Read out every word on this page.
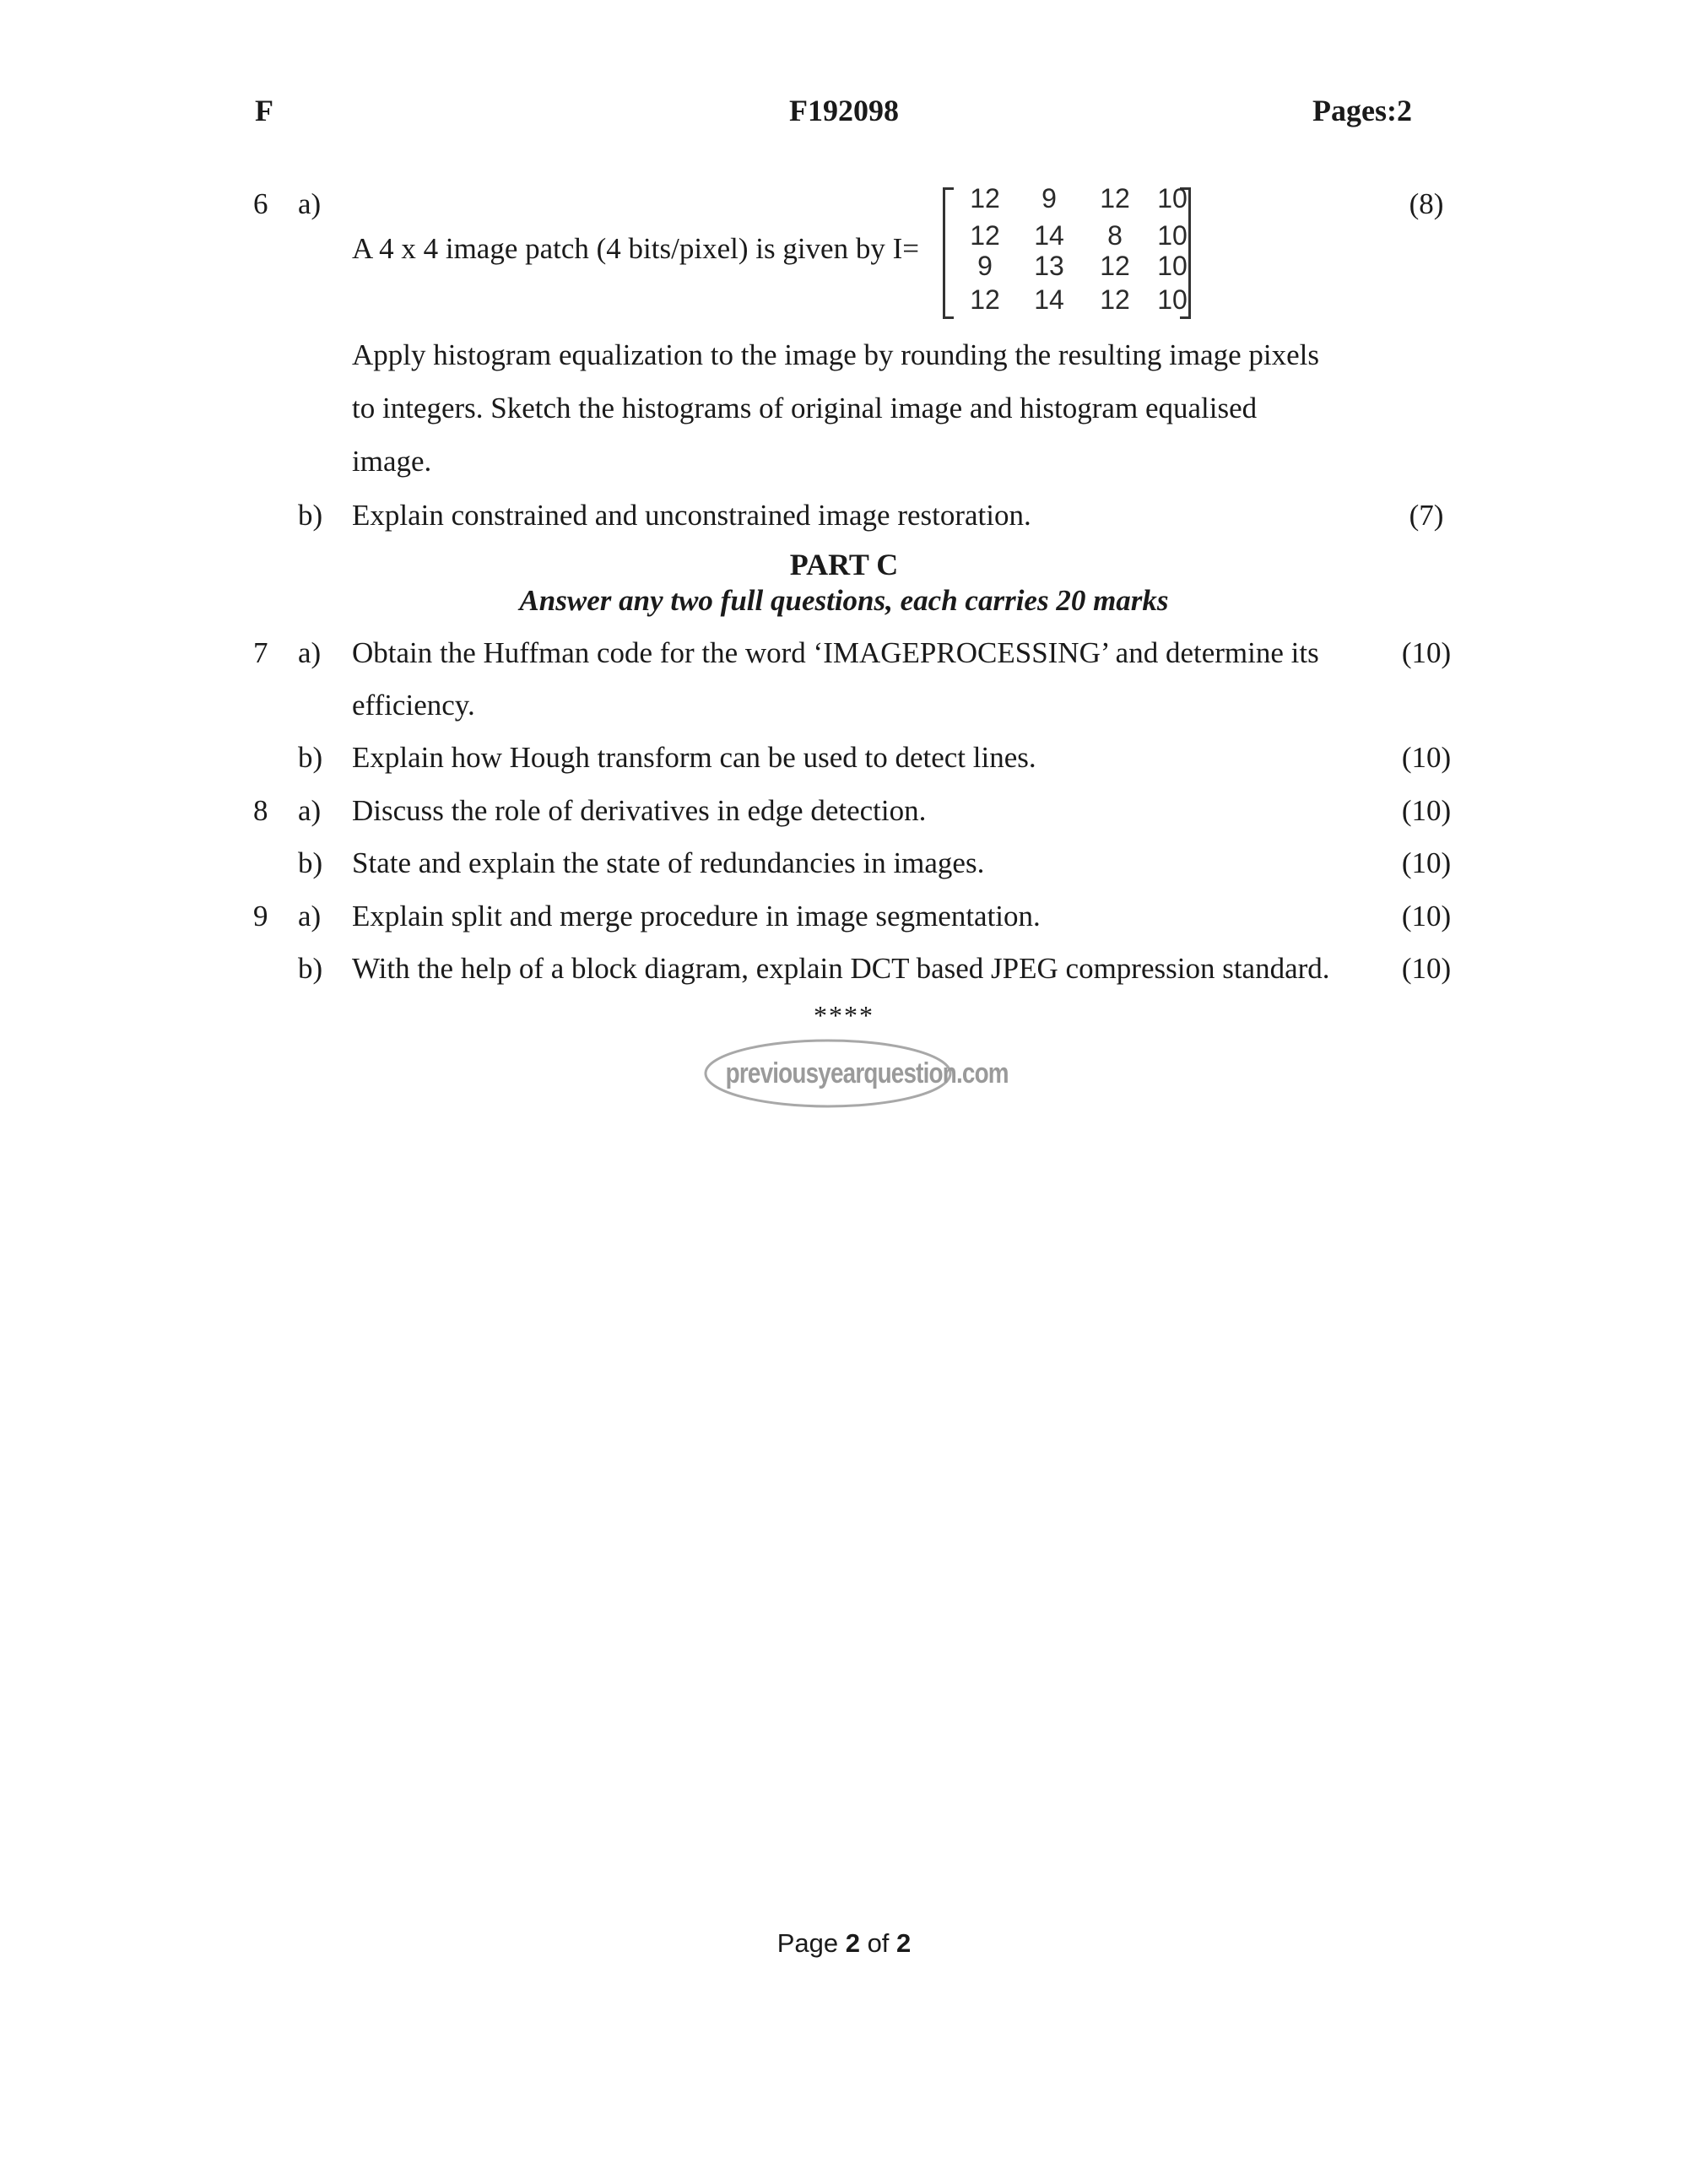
F	F192098	Pages:2
6 a)
A 4 x 4 image patch (4 bits/pixel) is given by I=
12	9	12	10
12	14	8	10
9	13	12	10
12	14	12	10
(8)
Apply histogram equalization to the image by rounding the resulting image pixels
to integers. Sketch the histograms of original image and histogram equalised
image.
b) Explain constrained and unconstrained image restoration.	(7)
PART C
Answer any two full questions, each carries 20 marks
7 a) Obtain the Huffman code for the word ‘IMAGEPROCESSING’ and determine its	(10)
efficiency.
b) Explain how Hough transform can be used to detect lines.	(10)
8 a) Discuss the role of derivatives in edge detection.	(10)
b) State and explain the state of redundancies in images.	(10)
9 a) Explain split and merge procedure in image segmentation.	(10)
b) With the help of a block diagram, explain DCT based JPEG compression standard.	(10)
****
previousyearquestion.com
Page 2 of 2
